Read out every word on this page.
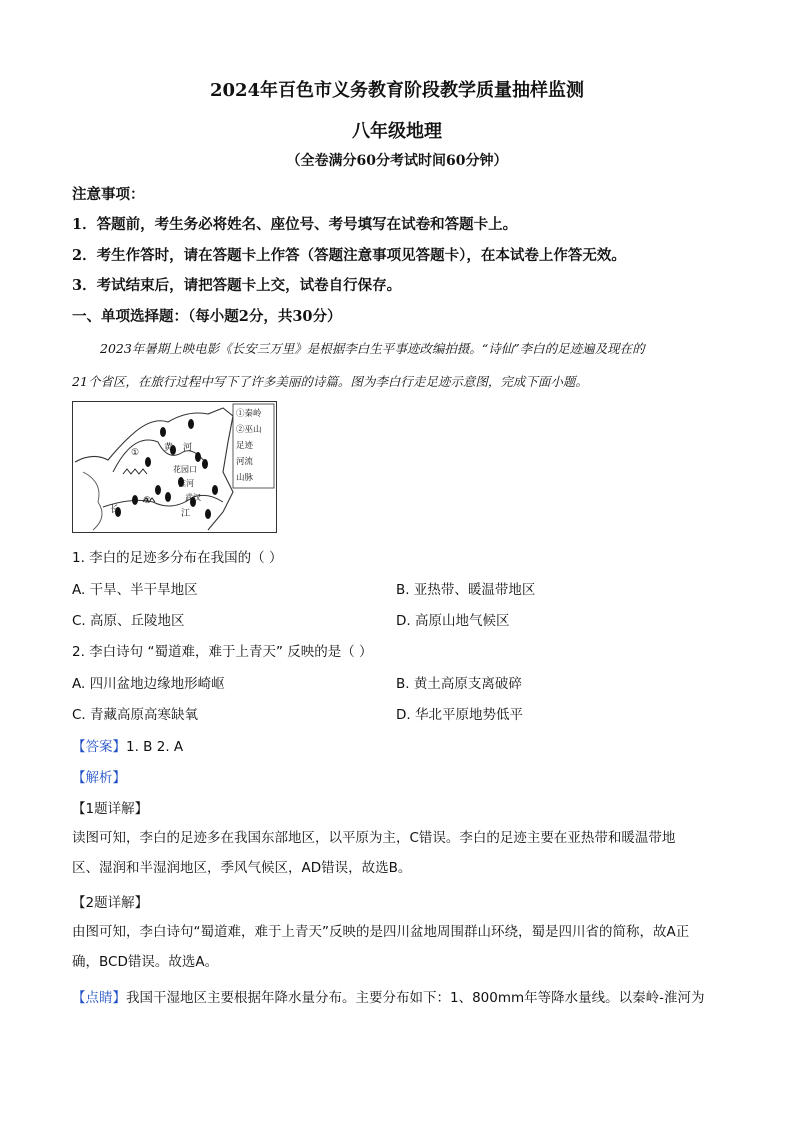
2024年百色市义务教育阶段教学质量抽样监测
八年级地理
（全卷满分60分考试时间60分钟）
注意事项：
1．答题前，考生务必将姓名、座位号、考号填写在试卷和答题卡上。
2．考生作答时，请在答题卡上作答（答题注意事项见答题卡），在本试卷上作答无效。
3．考试结束后，请把答题卡上交，试卷自行保存。
一、单项选择题：（每小题2分，共30分）

2023年暑期上映电影《长安三万里》是根据李白生平事迹改编拍摄。“诗仙”李白的足迹遍及现在的

21个省区，在旅行过程中写下了许多美丽的诗篇。图为李白行走足迹示意图，完成下面小题。

黄 河
①
花园口
淮河
②	武汉
江
长
①秦岭
②巫山
足迹
河流
山脉
1. 李白的足迹多分布在我国的（ ）
A. 干旱、半干旱地区	B. 亚热带、暖温带地区
C. 高原、丘陵地区	D. 高原山地气候区
2. 李白诗句 “蜀道难，难于上青天” 反映的是（ ）
A. 四川盆地边缘地形崎岖	B. 黄土高原支离破碎
C. 青藏高原高寒缺氧	D. 华北平原地势低平
【答案】1. B 2. A
【解析】
【1题详解】

读图可知，李白的足迹多在我国东部地区，以平原为主，C错误。李白的足迹主要在亚热带和暖温带地

区、湿润和半湿润地区，季风气候区，AD错误，故选B。

【2题详解】

由图可知，李白诗句“蜀道难，难于上青天”反映的是四川盆地周围群山环绕，蜀是四川省的简称，故A正

确，BCD错误。故选A。

【点睛】我国干湿地区主要根据年降水量分布。主要分布如下：1、800mm年等降水量线。以秦岭-淮河为
